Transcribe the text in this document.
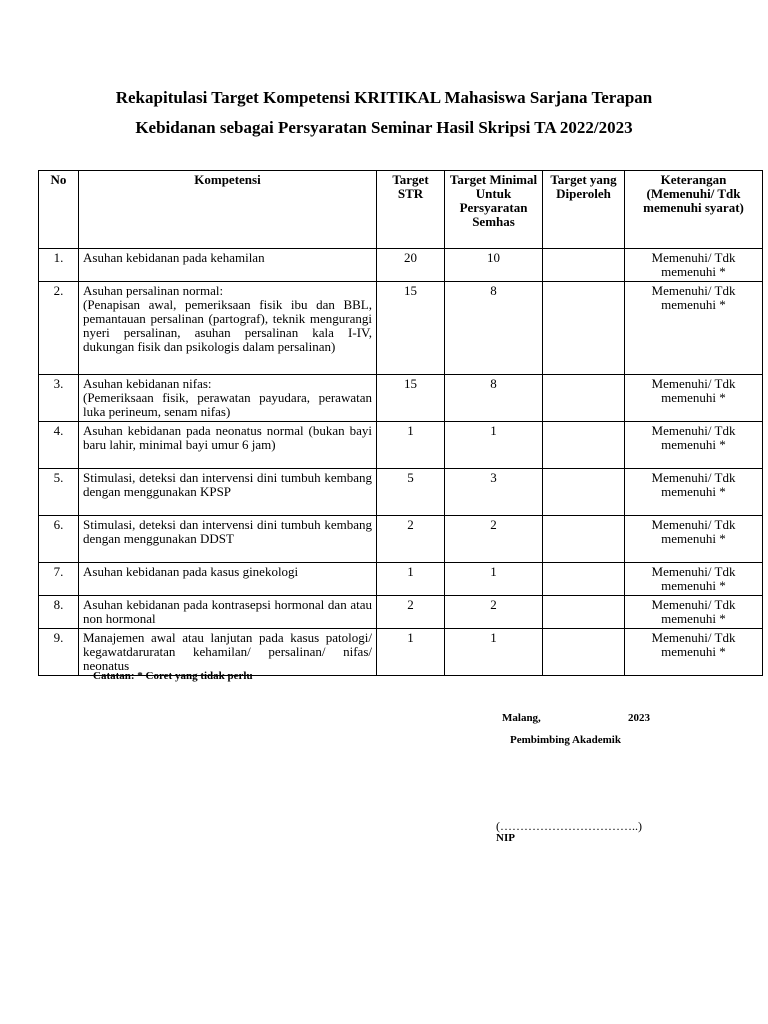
Rekapitulasi Target Kompetensi KRITIKAL Mahasiswa Sarjana Terapan
Kebidanan sebagai Persyaratan Seminar Hasil Skripsi TA 2022/2023
No	Kompetensi	Target STR	Target Minimal Untuk Persyaratan Semhas	Target yang Diperoleh	Keterangan (Memenuhi/ Tdk memenuhi syarat)
1.	Asuhan kebidanan pada kehamilan	20	10		Memenuhi/ Tdk memenuhi *
2.	Asuhan persalinan normal:
(Penapisan awal, pemeriksaan fisik ibu dan BBL, pemantauan persalinan (partograf), teknik mengurangi nyeri persalinan, asuhan persalinan kala I-IV, dukungan fisik dan psikologis dalam persalinan)	15	8		Memenuhi/ Tdk memenuhi *
3.	Asuhan kebidanan nifas:
(Pemeriksaan fisik, perawatan payudara, perawatan luka perineum, senam nifas)	15	8		Memenuhi/ Tdk memenuhi *
4.	Asuhan kebidanan pada neonatus normal (bukan bayi baru lahir, minimal bayi umur 6 jam)	1	1		Memenuhi/ Tdk memenuhi *
5.	Stimulasi, deteksi dan intervensi dini tumbuh kembang dengan menggunakan KPSP	5	3		Memenuhi/ Tdk memenuhi *
6.	Stimulasi, deteksi dan intervensi dini tumbuh kembang dengan menggunakan DDST	2	2		Memenuhi/ Tdk memenuhi *
7.	Asuhan kebidanan pada kasus ginekologi	1	1		Memenuhi/ Tdk memenuhi *
8.	Asuhan kebidanan pada kontrasepsi hormonal dan atau non hormonal	2	2		Memenuhi/ Tdk memenuhi *
9.	Manajemen awal atau lanjutan pada kasus patologi/ kegawatdaruratan kehamilan/ persalinan/ nifas/ neonatus	1	1		Memenuhi/ Tdk memenuhi *
Catatan: * Coret yang tidak perlu
Malang,	2023
Pembimbing Akademik
(……………………………..)
NIP
